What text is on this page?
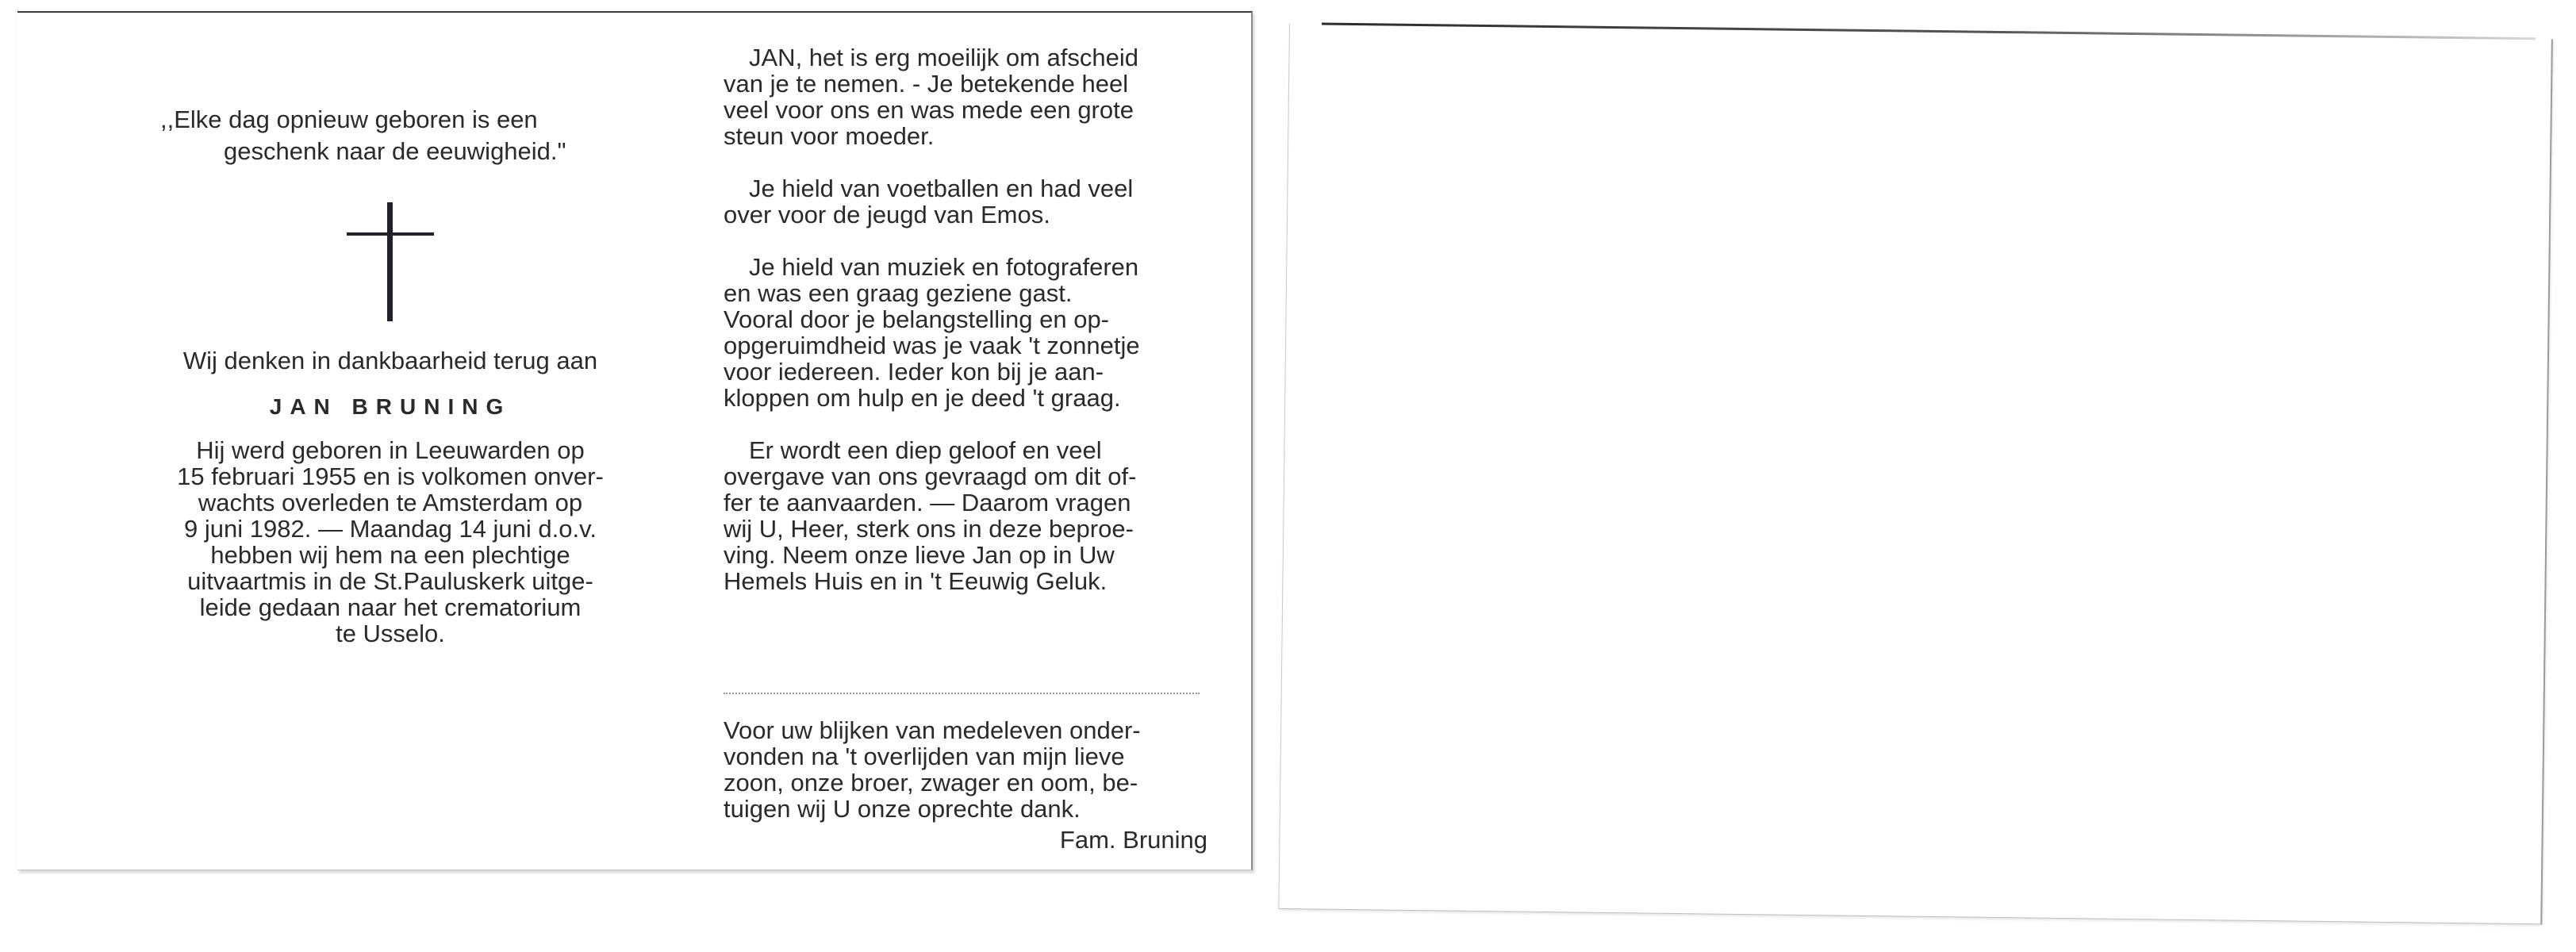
,,Elke dag opnieuw geboren is een
geschenk naar de eeuwigheid."
Wij denken in dankbaarheid terug aan
JAN BRUNING
Hij werd geboren in Leeuwarden op
15 februari 1955 en is volkomen onver-
wachts overleden te Amsterdam op
9 juni 1982. — Maandag 14 juni d.o.v.
hebben wij hem na een plechtige
uitvaartmis in de St.Pauluskerk uitge-
leide gedaan naar het crematorium
te Usselo.
JAN, het is erg moeilijk om afscheid
van je te nemen. - Je betekende heel
veel voor ons en was mede een grote
steun voor moeder.
Je hield van voetballen en had veel
over voor de jeugd van Emos.
Je hield van muziek en fotograferen
en was een graag geziene gast.
Vooral door je belangstelling en op-
opgeruimdheid was je vaak 't zonnetje
voor iedereen. Ieder kon bij je aan-
kloppen om hulp en je deed 't graag.
Er wordt een diep geloof en veel
overgave van ons gevraagd om dit of-
fer te aanvaarden. — Daarom vragen
wij U, Heer, sterk ons in deze beproe-
ving. Neem onze lieve Jan op in Uw
Hemels Huis en in 't Eeuwig Geluk.
Voor uw blijken van medeleven onder-
vonden na 't overlijden van mijn lieve
zoon, onze broer, zwager en oom, be-
tuigen wij U onze oprechte dank.
Fam. Bruning
